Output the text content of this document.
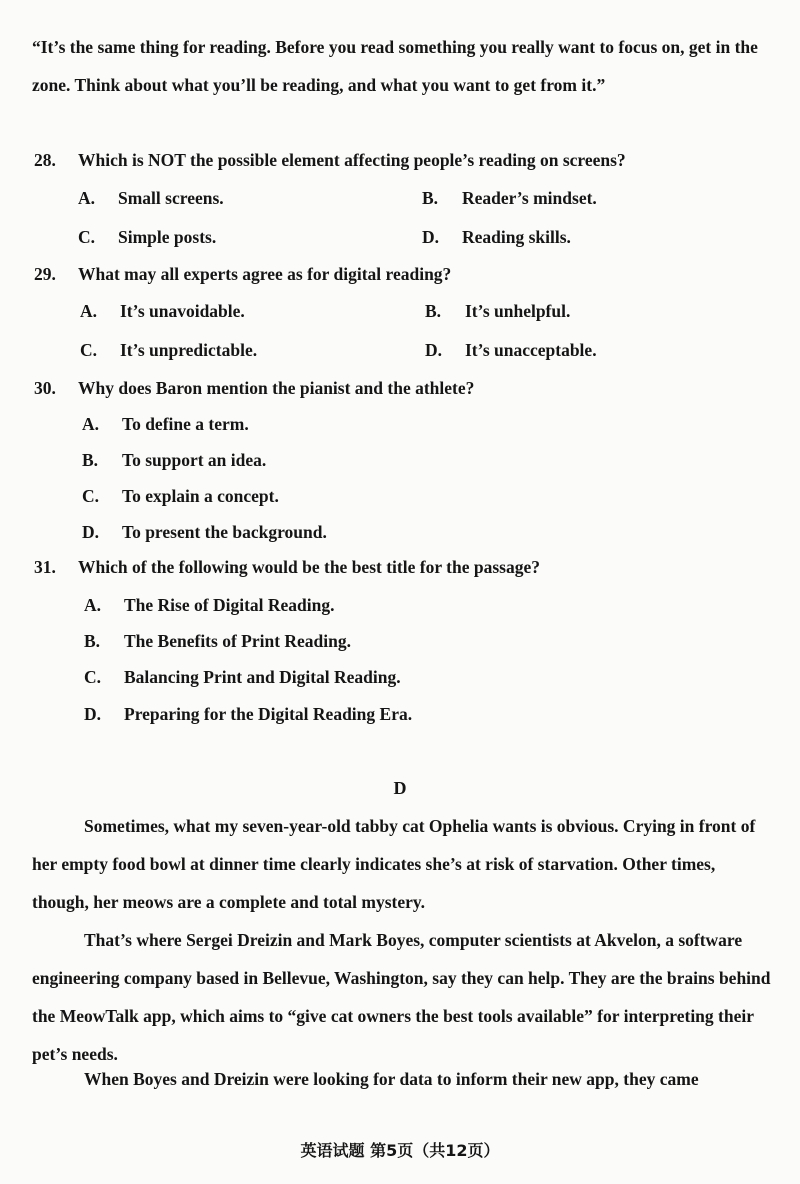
“It’s the same thing for reading. Before you read something you really want to focus on, get in the zone. Think about what you’ll be reading, and what you want to get from it.”
28. Which is NOT the possible element affecting people’s reading on screens?
A. Small screens.	B. Reader’s mindset.
C. Simple posts.	D. Reading skills.
29. What may all experts agree as for digital reading?
A. It’s unavoidable.	B. It’s unhelpful.
C. It’s unpredictable.	D. It’s unacceptable.
30. Why does Baron mention the pianist and the athlete?
A. To define a term.
B. To support an idea.
C. To explain a concept.
D. To present the background.
31. Which of the following would be the best title for the passage?
A. The Rise of Digital Reading.
B. The Benefits of Print Reading.
C. Balancing Print and Digital Reading.
D. Preparing for the Digital Reading Era.
D
Sometimes, what my seven-year-old tabby cat Ophelia wants is obvious. Crying in front of her empty food bowl at dinner time clearly indicates she’s at risk of starvation. Other times, though, her meows are a complete and total mystery.
That’s where Sergei Dreizin and Mark Boyes, computer scientists at Akvelon, a software engineering company based in Bellevue, Washington, say they can help. They are the brains behind the MeowTalk app, which aims to “give cat owners the best tools available” for interpreting their pet’s needs.
When Boyes and Dreizin were looking for data to inform their new app, they came
英语试题 第5页（共12页）
